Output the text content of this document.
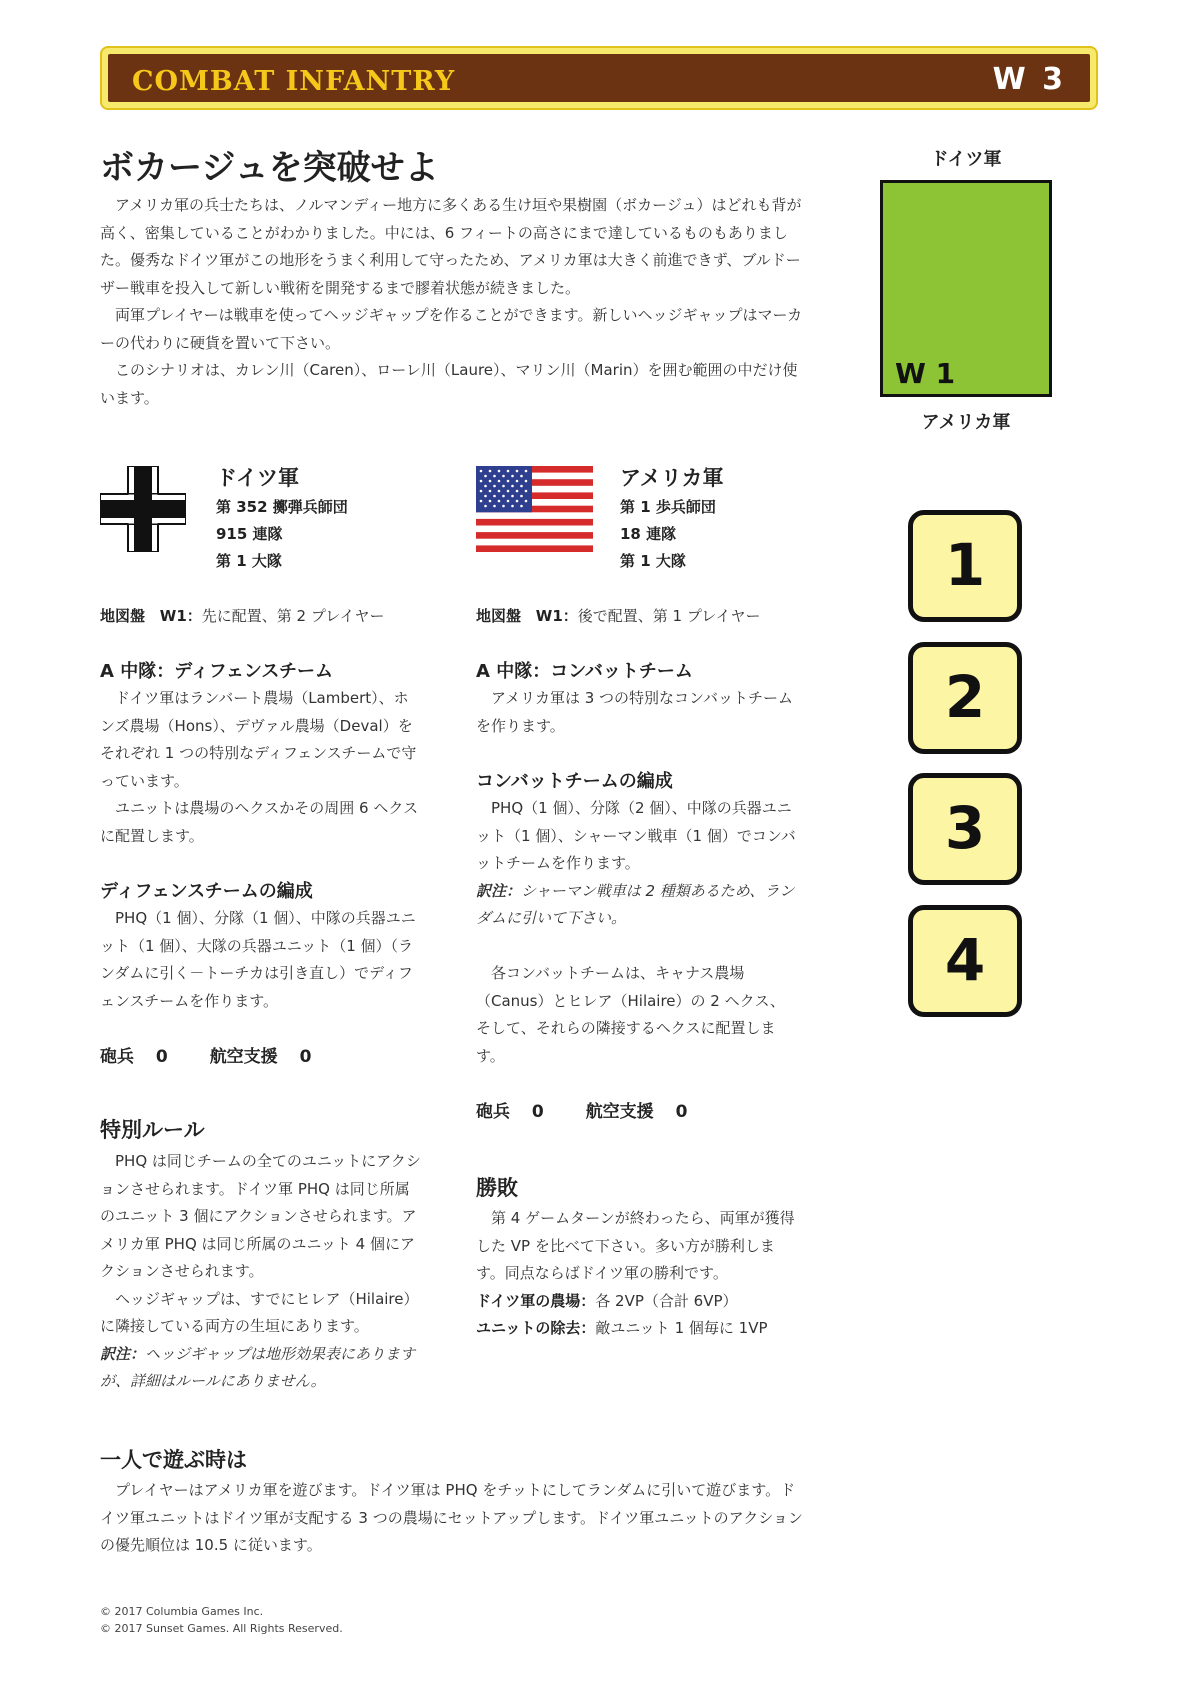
COMBAT INFANTRY	W 3
ボカージュを突破せよ

アメリカ軍の兵士たちは、ノルマンディー地方に多くある生け垣や果樹園（ボカージュ）はどれも背が高く、密集していることがわかりました。中には、6 フィートの高さにまで達しているものもありました。優秀なドイツ軍がこの地形をうまく利用して守ったため、アメリカ軍は大きく前進できず、ブルドーザー戦車を投入して新しい戦術を開発するまで膠着状態が続きました。

両軍プレイヤーは戦車を使ってヘッジギャップを作ることができます。新しいヘッジギャップはマーカーの代わりに硬貨を置いて下さい。

このシナリオは、カレン川（Caren）、ローレ川（Laure）、マリン川（Marin）を囲む範囲の中だけ使います。

ドイツ軍
W 1
アメリカ軍
1
2
3
4
ドイツ軍
第 352 擲弾兵師団
915 連隊
第 1 大隊
地図盤 W1：先に配置、第 2 プレイヤー
A 中隊：ディフェンスチーム

ドイツ軍はランバート農場（Lambert）、ホンズ農場（Hons）、デヴァル農場（Deval）をそれぞれ 1 つの特別なディフェンスチームで守っています。

ユニットは農場のヘクスかその周囲 6 ヘクスに配置します。

ディフェンスチームの編成

PHQ（1 個）、分隊（1 個）、中隊の兵器ユニット（1 個）、大隊の兵器ユニット（1 個）（ランダムに引く－トーチカは引き直し）でディフェンスチームを作ります。

砲兵 0 航空支援 0
特別ルール

PHQ は同じチームの全てのユニットにアクションさせられます。ドイツ軍 PHQ は同じ所属のユニット 3 個にアクションさせられます。アメリカ軍 PHQ は同じ所属のユニット 4 個にアクションさせられます。

ヘッジギャップは、すでにヒレア（Hilaire）に隣接している両方の生垣にあります。

訳注：ヘッジギャップは地形効果表にありますが、詳細はルールにありません。
アメリカ軍
第 1 歩兵師団
18 連隊
第 1 大隊
地図盤 W1：後で配置、第 1 プレイヤー
A 中隊：コンバットチーム

アメリカ軍は 3 つの特別なコンバットチームを作ります。

コンバットチームの編成

PHQ（1 個）、分隊（2 個）、中隊の兵器ユニット（1 個）、シャーマン戦車（1 個）でコンバットチームを作ります。

訳注：シャーマン戦車は 2 種類あるため、ランダムに引いて下さい。

各コンバットチームは、キャナス農場（Canus）とヒレア（Hilaire）の 2 ヘクス、そして、それらの隣接するヘクスに配置します。

砲兵 0 航空支援 0
勝敗

第 4 ゲームターンが終わったら、両軍が獲得した VP を比べて下さい。多い方が勝利します。同点ならばドイツ軍の勝利です。

ドイツ軍の農場：各 2VP（合計 6VP）
ユニットの除去：敵ユニット 1 個毎に 1VP
一人で遊ぶ時は

プレイヤーはアメリカ軍を遊びます。ドイツ軍は PHQ をチットにしてランダムに引いて遊びます。ドイツ軍ユニットはドイツ軍が支配する 3 つの農場にセットアップします。ドイツ軍ユニットのアクションの優先順位は 10.5 に従います。

© 2017 Columbia Games Inc.
© 2017 Sunset Games. All Rights Reserved.
